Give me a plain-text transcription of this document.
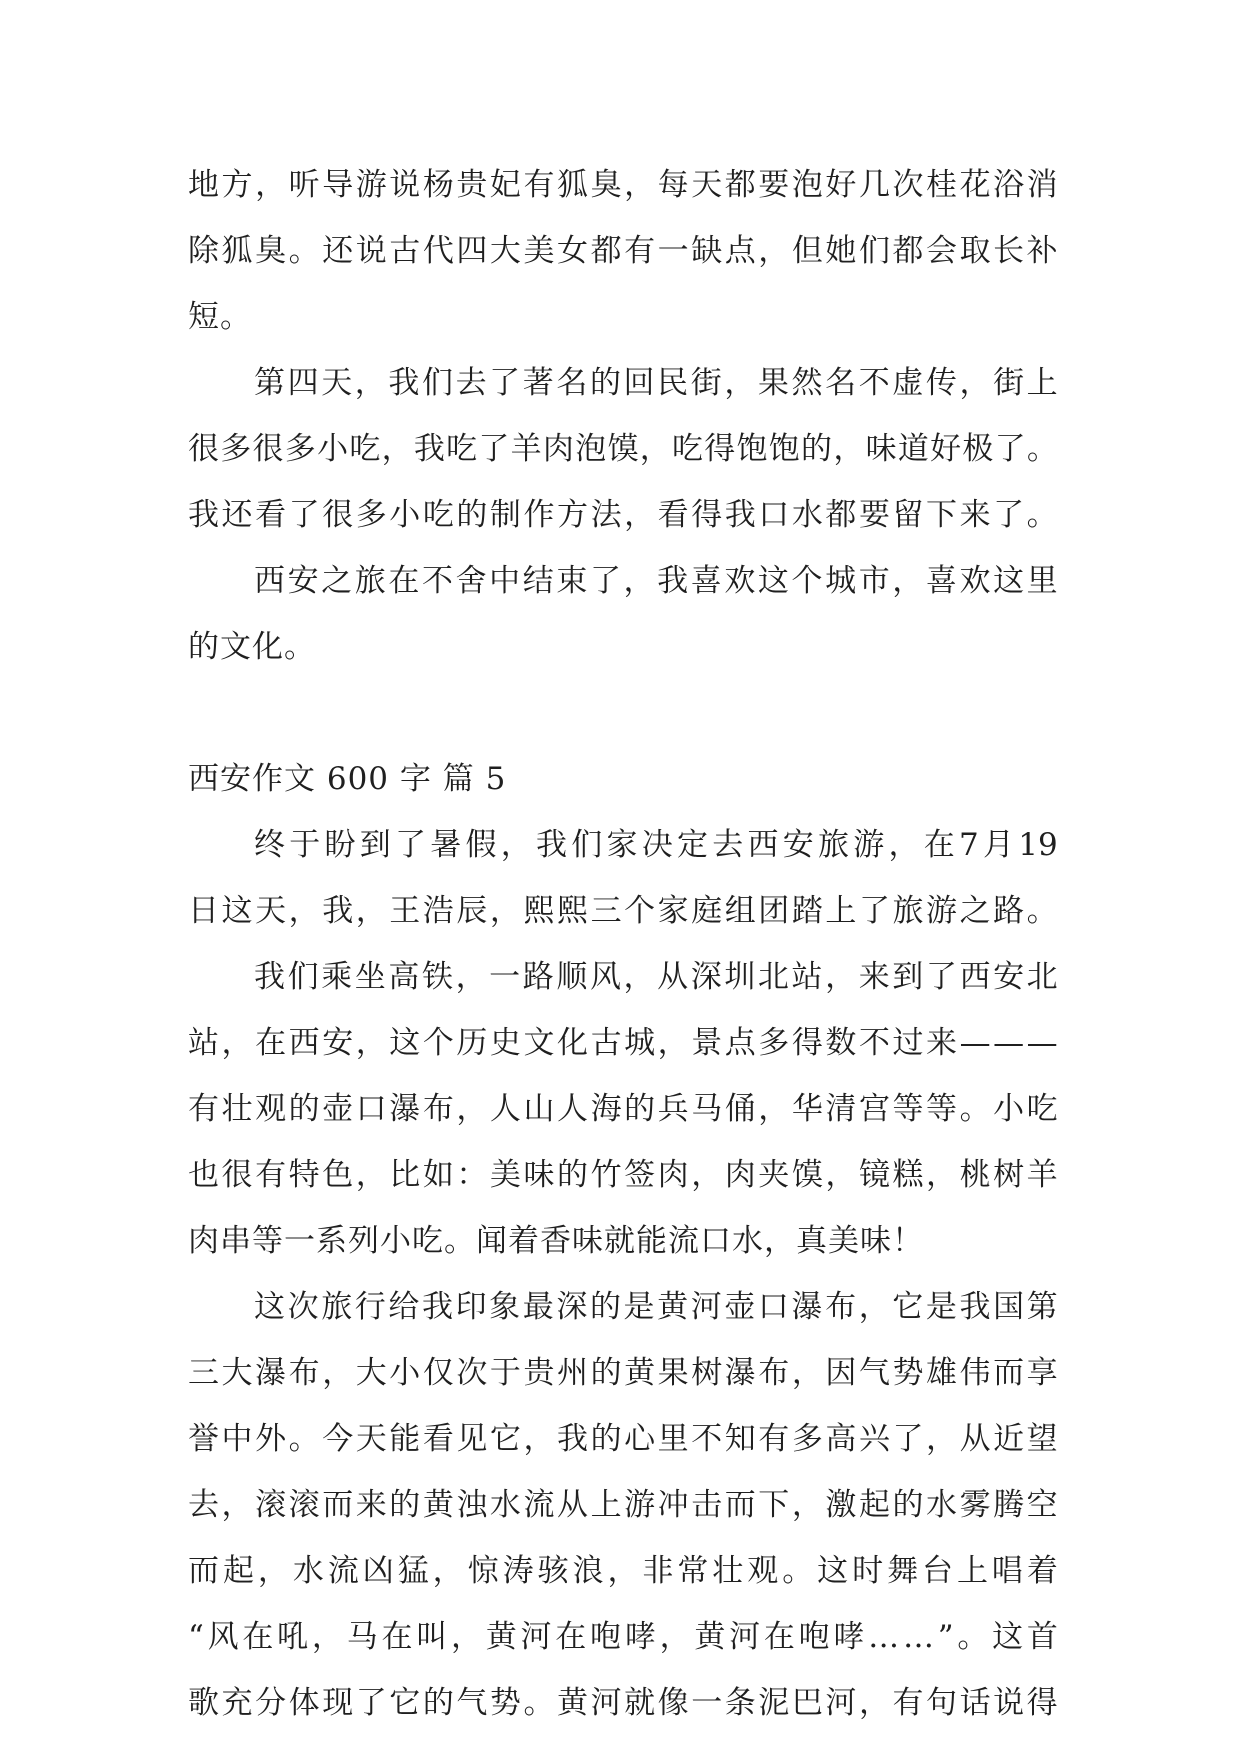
地 方 ， 听 导 游 说 杨 贵 妃 有 狐 臭 ， 每 天 都 要 泡 好 几 次 桂 花 浴 消
除 狐 臭 。 还 说 古 代 四 大 美 女 都 有 一 缺 点 ， 但 她 们 都 会 取 长 补
短。
第 四 天 ， 我 们 去 了 著 名 的 回 民 街 ， 果 然 名 不 虚 传 ， 街 上
很 多 很 多 小 吃 ， 我 吃 了 羊 肉 泡 馍 ， 吃 得 饱 饱 的 ， 味 道 好 极 了 。
我 还 看 了 很 多 小 吃 的 制 作 方 法 ， 看 得 我 口 水 都 要 留 下 来 了 。
西 安 之 旅 在 不 舍 中 结 束 了 ， 我 喜 欢 这 个 城 市 ， 喜 欢 这 里
的文化。
西安作文 600 字 篇 5
终 于 盼 到 了 暑 假 ， 我 们 家 决 定 去 西 安 旅 游 ， 在 7 月 19
日 这 天 ， 我 ， 王 浩 辰 ， 熙 熙 三 个 家 庭 组 团 踏 上 了 旅 游 之 路 。
我 们 乘 坐 高 铁 ， 一 路 顺 风 ， 从 深 圳 北 站 ， 来 到 了 西 安 北
站 ， 在 西 安 ， 这 个 历 史 文 化 古 城 ， 景 点 多 得 数 不 过 来 — — —
有 壮 观 的 壶 口 瀑 布 ， 人 山 人 海 的 兵 马 俑 ， 华 清 宫 等 等 。 小 吃
也 很 有 特 色 ， 比 如 ： 美 味 的 竹 签 肉 ， 肉 夹 馍 ， 镜 糕 ， 桃 树 羊
肉串等一系列小吃。闻着香味就能流口水，真美味！
这 次 旅 行 给 我 印 象 最 深 的 是 黄 河 壶 口 瀑 布 ， 它 是 我 国 第
三 大 瀑 布 ， 大 小 仅 次 于 贵 州 的 黄 果 树 瀑 布 ， 因 气 势 雄 伟 而 享
誉 中 外 。 今 天 能 看 见 它 ， 我 的 心 里 不 知 有 多 高 兴 了 ， 从 近 望
去 ， 滚 滚 而 来 的 黄 浊 水 流 从 上 游 冲 击 而 下 ， 激 起 的 水 雾 腾 空
而 起 ， 水 流 凶 猛 ， 惊 涛 骇 浪 ， 非 常 壮 观 。 这 时 舞 台 上 唱 着
“ 风 在 吼 ， 马 在 叫 ， 黄 河 在 咆 哮 ， 黄 河 在 咆 哮 … … ” 。 这 首
歌 充 分 体 现 了 它 的 气 势 。 黄 河 就 像 一 条 泥 巴 河 ， 有 句 话 说 得
